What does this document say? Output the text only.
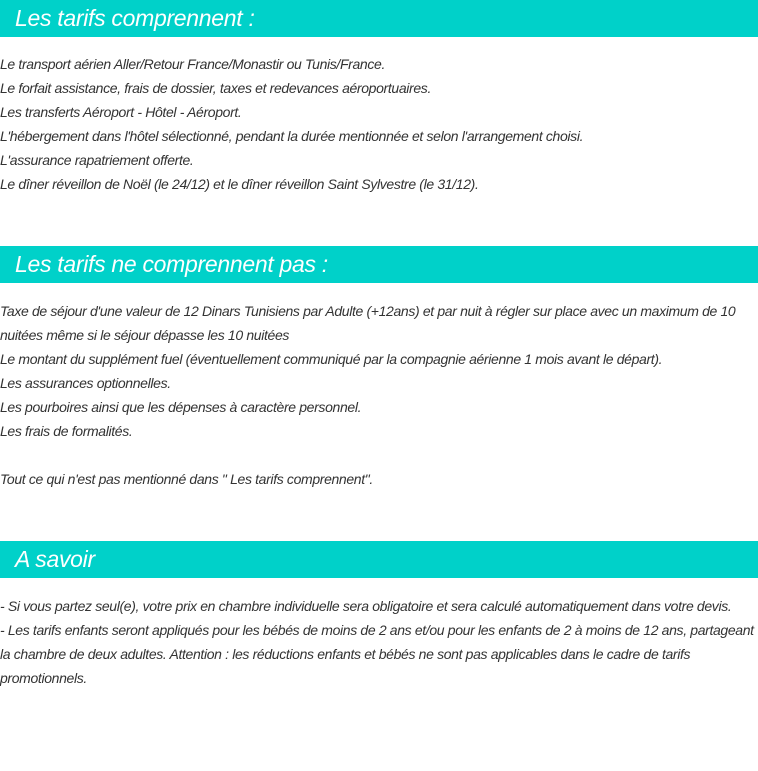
Les tarifs comprennent :

Le transport aérien Aller/Retour France/Monastir ou Tunis/France.

Le forfait assistance, frais de dossier, taxes et redevances aéroportuaires.

Les transferts Aéroport - Hôtel - Aéroport.

L'hébergement dans l'hôtel sélectionné, pendant la durée mentionnée et selon l'arrangement choisi.

L'assurance rapatriement offerte.

Le dîner réveillon de Noël (le 24/12) et le dîner réveillon Saint Sylvestre (le 31/12).

Les tarifs ne comprennent pas :

Taxe de séjour d'une valeur de 12 Dinars Tunisiens par Adulte (+12ans) et par nuit à régler sur place avec un maximum de 10 nuitées même si le séjour dépasse les 10 nuitées

Le montant du supplément fuel (éventuellement communiqué par la compagnie aérienne 1 mois avant le départ).

Les assurances optionnelles.

Les pourboires ainsi que les dépenses à caractère personnel.

Les frais de formalités.

Tout ce qui n'est pas mentionné dans " Les tarifs comprennent".

A savoir

- Si vous partez seul(e), votre prix en chambre individuelle sera obligatoire et sera calculé automatiquement dans votre devis.

- Les tarifs enfants seront appliqués pour les bébés de moins de 2 ans et/ou pour les enfants de 2 à moins de 12 ans, partageant la chambre de deux adultes. Attention : les réductions enfants et bébés ne sont pas applicables dans le cadre de tarifs promotionnels.
